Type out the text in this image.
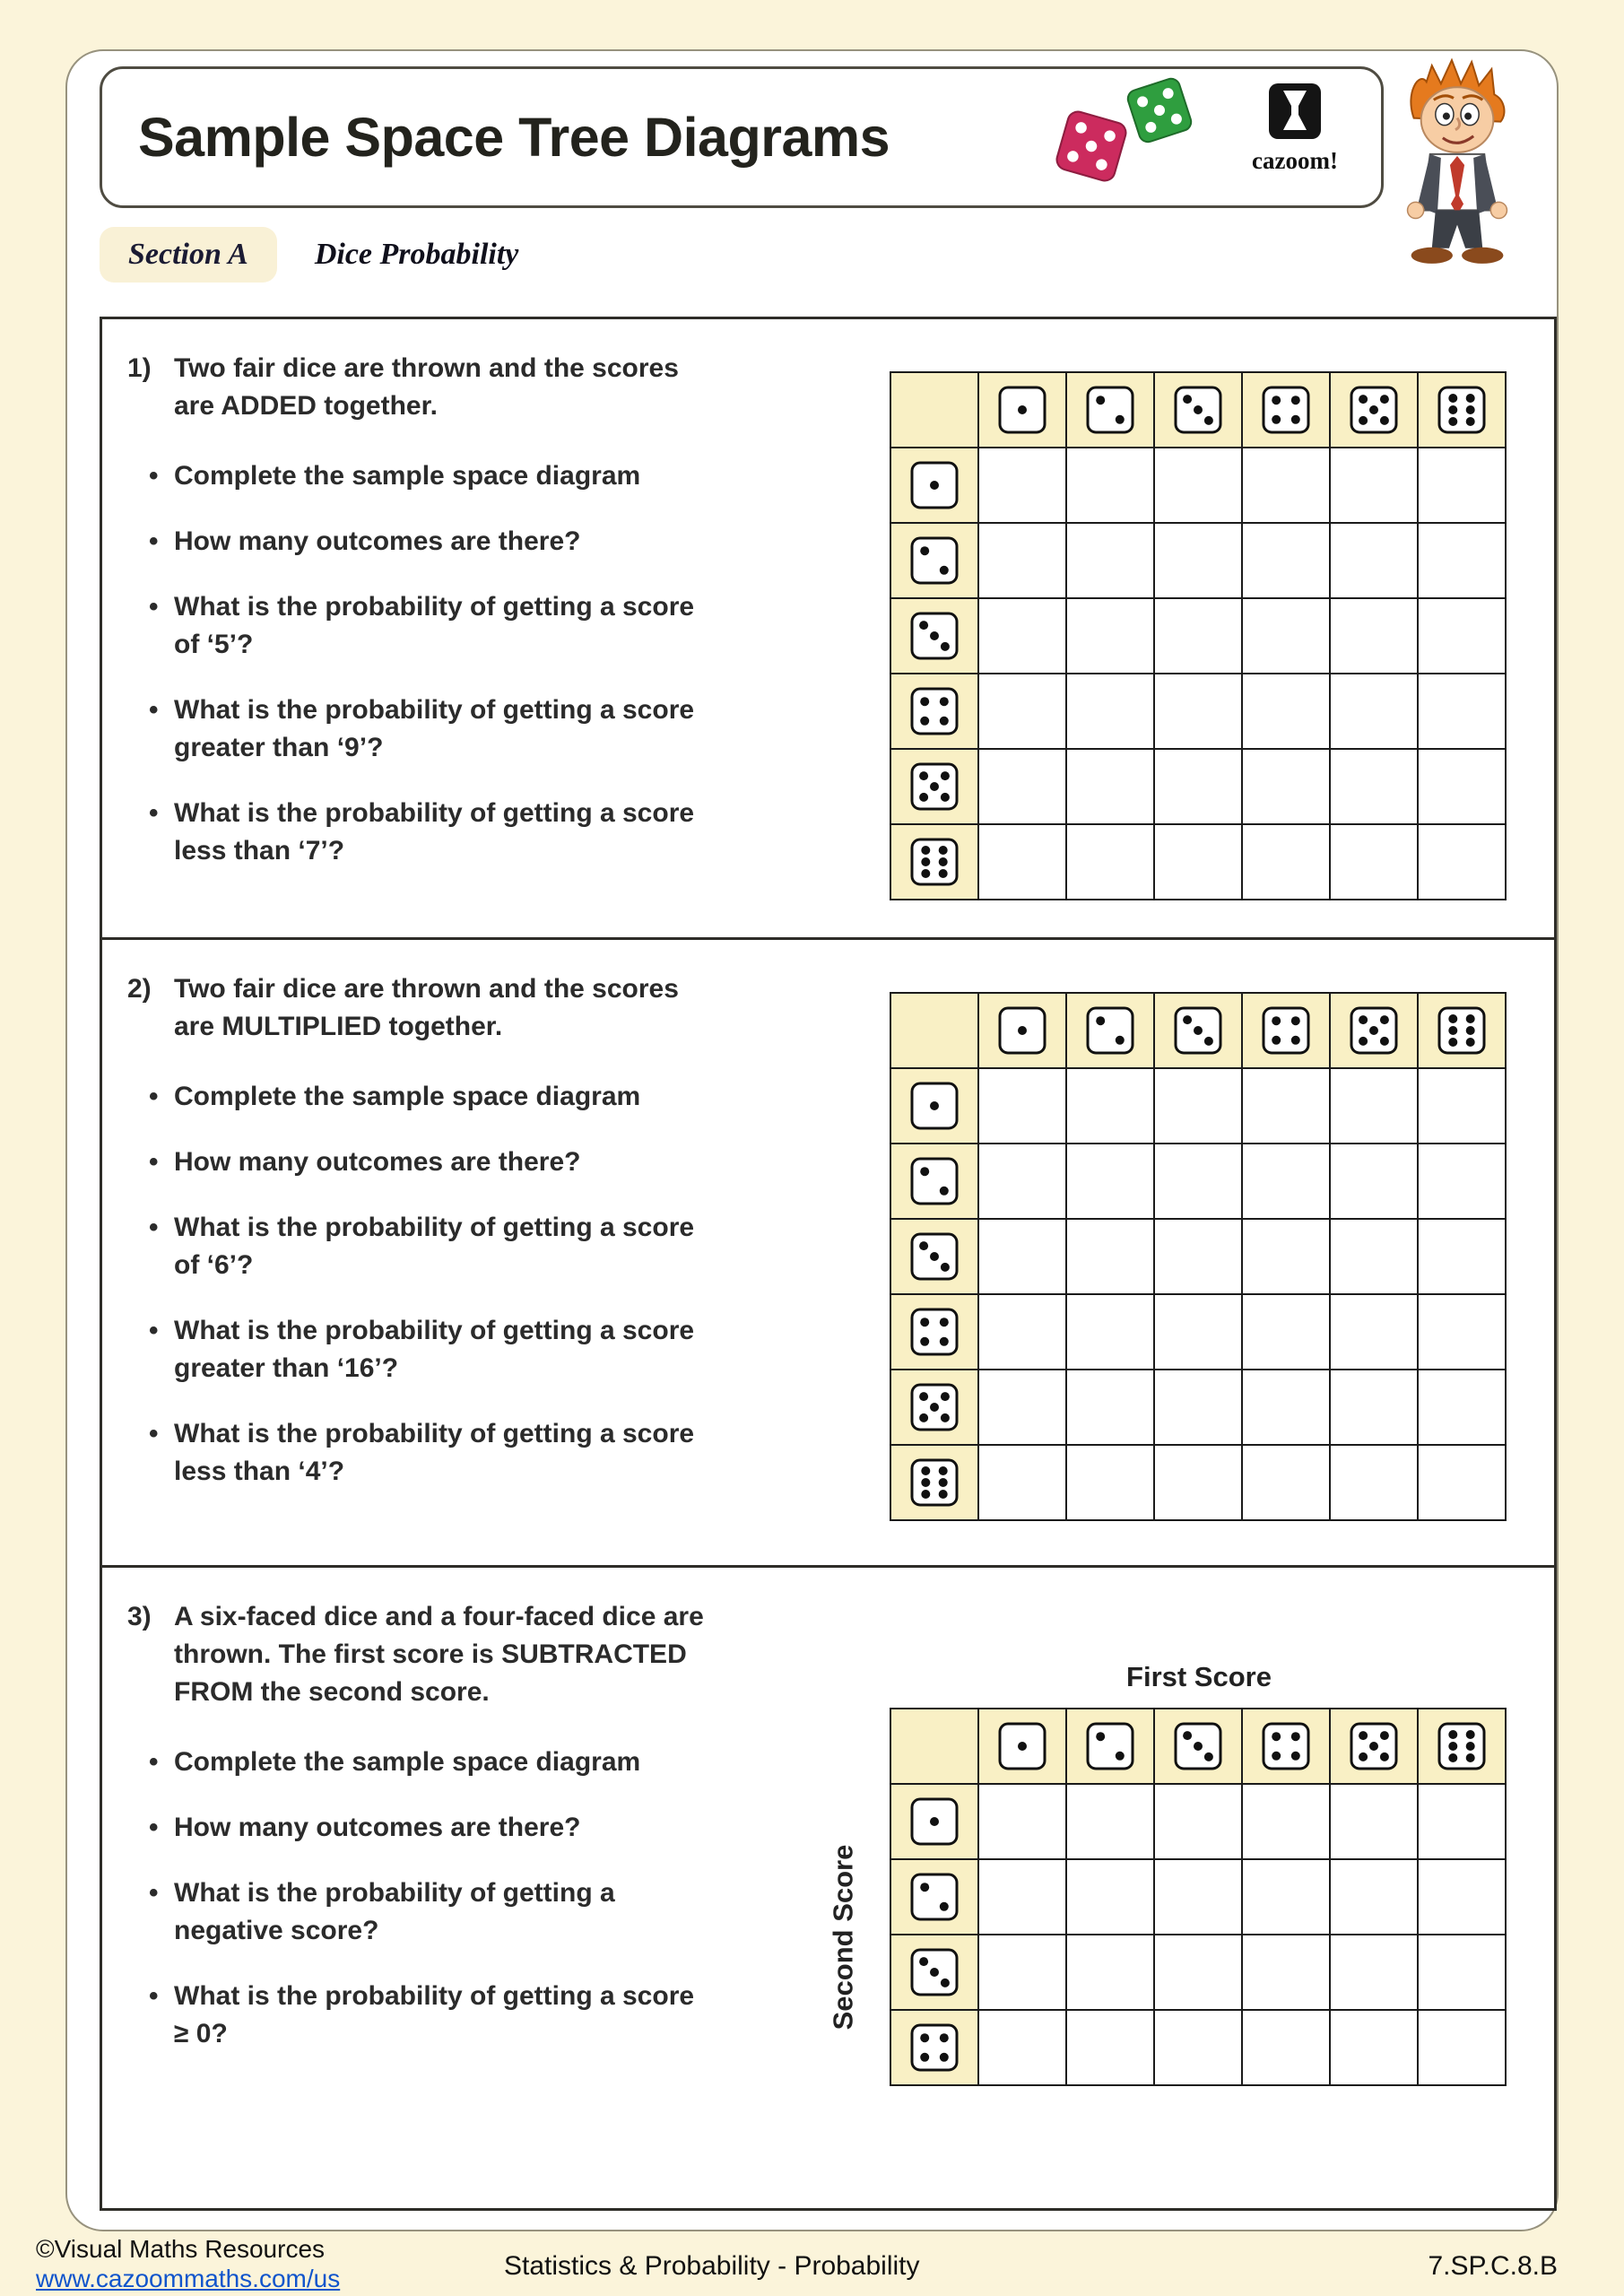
Sample Space Tree Diagrams	cazoom!
Section A	Dice Probability
1) Two fair dice are thrown and the scores are ADDED together.
• Complete the sample space diagram
• How many outcomes are there?
• What is the probability of getting a score of ‘5’?
• What is the probability of getting a score greater than ‘9’?
• What is the probability of getting a score less than ‘7’?

2) Two fair dice are thrown and the scores are MULTIPLIED together.
• Complete the sample space diagram
• How many outcomes are there?
• What is the probability of getting a score of ‘6’?
• What is the probability of getting a score greater than ‘16’?
• What is the probability of getting a score less than ‘4’?

3) A six-faced dice and a four-faced dice are thrown. The first score is SUBTRACTED FROM the second score.
• Complete the sample space diagram
• How many outcomes are there?
• What is the probability of getting a negative score?
• What is the probability of getting a score ≥ 0?
First Score
Second Score

©Visual Maths Resources
www.cazoommaths.com/us	Statistics & Probability - Probability	7.SP.C.8.B
